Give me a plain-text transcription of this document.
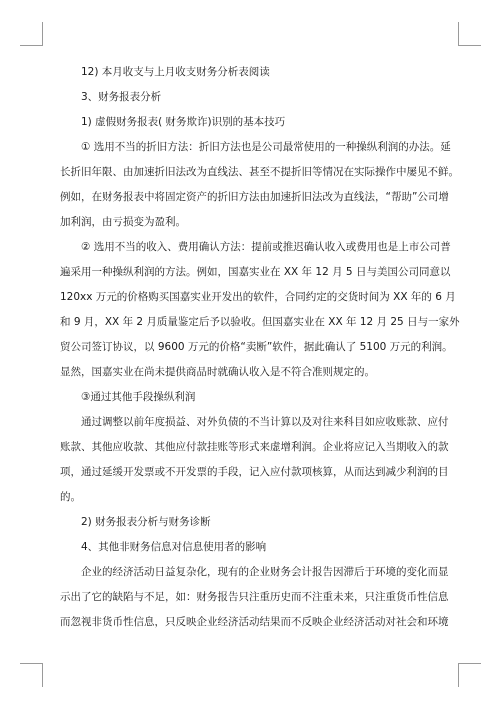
12) 本月收支与上月收支财务分析表阅读
3、财务报表分析
1) 虚假财务报表( 财务欺诈)识别的基本技巧
① 选用不当的折旧方法：折旧方法也是公司最常使用的一种操纵利润的办法。延
长折旧年限、由加速折旧法改为直线法、甚至不提折旧等情况在实际操作中屡见不鲜。
例如，在财务报表中将固定资产的折旧方法由加速折旧法改为直线法，“帮助”公司增
加利润，由亏损变为盈利。
② 选用不当的收入、费用确认方法：提前或推迟确认收入或费用也是上市公司普
遍采用一种操纵利润的方法。例如，国嘉实业在 XX 年 12 月 5 日与美国公司同意以
120xx 万元的价格购买国嘉实业开发出的软件，合同约定的交货时间为 XX 年的 6 月
和 9 月，XX 年 2 月质量鉴定后予以验收。但国嘉实业在 XX 年 12 月 25 日与一家外
贸公司签订协议，以 9600 万元的价格“卖断”软件，据此确认了 5100 万元的利润。
显然，国嘉实业在尚未提供商品时就确认收入是不符合准则规定的。
③通过其他手段操纵利润
通过调整以前年度损益、对外负债的不当计算以及对往来科目如应收账款、应付
账款、其他应收款、其他应付款挂账等形式来虚增利润。企业将应记入当期收入的款
项，通过延缓开发票或不开发票的手段，记入应付款项核算，从而达到减少利润的目
的。
2) 财务报表分析与财务诊断
4、其他非财务信息对信息使用者的影响
企业的经济活动日益复杂化，现有的企业财务会计报告因滞后于环境的变化而显
示出了它的缺陷与不足，如：财务报告只注重历史而不注重未来，只注重货币性信息
而忽视非货币性信息，只反映企业经济活动结果而不反映企业经济活动对社会和环境
